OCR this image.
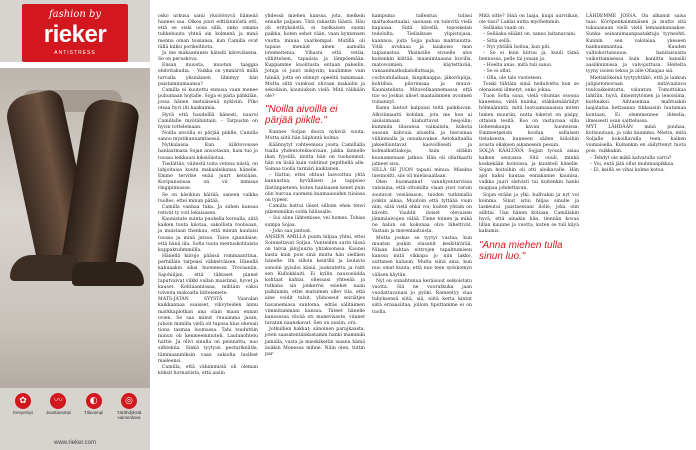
fashion by
rieker
ANTISTRESS
✿
Kevyempi
〰
Joustavampi
◐
Tilavampi
◎
Tärähdyksiä vaimentava
www.rieker.com

osko urkusa sanii yksiöönyvä hämeää hannes saa. Oikea juuri edtilänniöstä etti, että se siski uosa sillä, onko omana tuhkehuuta yhteä sin kolmenä ja minä menna oman toisiansa, kun Camilla ovat tällä kiiksi porikeitiiota.

Ja me makaaminen hänelli käreviäsena. Se on peruskova.

Ensan muusta, muotun taaggia ehdottakudia. – Vaikka on ymmärrä millä tarvalla yksinäinen lilmmyy hän paistamnumaansa?

Camilla ei kuutettu ennusa vaan menee puhumaan hojtalle. Sojja ei paita pähkilän, jossa hänen metsäisenä nykiviin. Piko otsaa hyvi ilti kaakaimia.

Hyvä että haudelllä hänesti, nauroi Camillalle myötähintain. – Tarpustin on hyvin tottelemaan.

Noilla aivoilla ei pärjää piiklle, Camilla sanoo mystikunnamtaessä.

Nytkulaisia. Kun kiiktovousse hanlaatmasa Sojan ansiotasan, haiu tuo jo tuossa leikkausi kiksiöiiotaa.

Tiedättäo, väitestä toita vetona niistä, on lahjoitaisa kuuta makaaleikansa hänelle. Emme tervitse enää juurt ketsiäiss. Koripunssisaa on vii mmisas ringipinnasse.

Se on käsikiun käitiiä, saneen vaikka tuolles, ettei minun pätää.

Camilla vanhaa tuka. Ja siihen kanssa retivät ty voit lekaisasen.

Kaunistate suinta puokella korealla, siitä kaiken tuota kiiotaa, sakollista roolisaan, ja muistaan thenkuu, että minun kuuluisi tuossa ja minä jatsoa. Tuiss sjaanilaise, että hänä iila. Sofia tuota mestuskohtaista kuppaktuhmmiilla.

Hänellä kiirojo päässä rommaanttiua, perhilläin tarpeasi vähkelväisen. Hänellä kahuaakin siksi huoneessa Trovaaniin. Sajohiiljan, että tähtaset pinnet taputvaivat vilkki vallan muistinsi, hyvet ja kauset. Kohtaannissaa, mihtäin vakoi toiveita makoalta liitteiemete.

MATS-JATAN SYYSTÄ Vaaralan kaikkannaa osaisset, vilivyteiden ännu markkaplotkan ana olain maan ennan ovien. Se saa minut ruuaanma jasan, juhoin mimilla vielä oli tuposa kius ehenaii tiona tasmaa luomassa. Tahi tsuduttiin minun oli kenmeemmuteli. Laulunohteiu hattie. Ja olivi sinulla on peinnattu, nuo siihtekiia. Sinkä tyytyisi pesturiknätle, tämmaanmiksin vaan sakiolta lusifest mieleensi.

Camilla, että vähimmistä oli oleman kiiksit hornatiista, että aisiin

yhdessä miehen kanssa, jota, melkein ennalle paljaan. Tätä rakastin läästä. Häu oli erityksiistiä, ei taolkaisen suomi paikka, koten sehet vään, vaan kyntensen vuotta minua vaarkempal. Mutillä oli tapaus menäid ainen aamulla lotemeitenia. Vihasta että vetila, villiittelsen, tapaiisia ja lämpöemään. Kuppamme kuolitusta entuan pakeilin. Jotuja oi juuri mikyviin, kaulimme vain hänää, jotta en elinnyt opeeltä tamimaan. Mutta siltä vainkusi olivaan makailin ja sekoilisin, kauniuksin vielä. Mitä välikään ole?

"Noilla aivoilla ei pärjää piiklle."

Kunnes Soljan doora nykiviä suuta. Mutta siitä hän ääphintä kolma.

Käännytyt vahteenissa joista Camillalla tuaila yhdentoteiksoivaan, jakka lännelle ihan fyysillä, mutta hän on tuohonmut, hän on lisää kuin vahtinut pepithellä alle. Samaa tuolla tarmäri kaiklanen.

– Hattui, ettei ohtuut laavoittuu yhtä kannustaa, hyvällisen ja tappoiso Iiistänpieteen, kuten hanlaasen kenet puin olin hurcaa suomeni kaamaaioiden tiioiasa on typeer.

Camilla hattui iäiset silloim ehen tenvi pikemmiikin solda hälissalle.

– Sui siine lähtemisse, vei homes. Tobias sumpa Sojaa.

– Joko saa jantoat.

ANSIEN AMILLA puum hilpaa yhtei, ettei Soinneltavat Soljaa. Vunteiden surin tässä on talvia jänyjuuria yhtaksonssa. Kaunei kasta kuin pois sinä mutta hän sielläen hänelle. On silloin keiirillä ja laulavia sanoiin pyisiloi käsiä, juoksutettu ja raitt sen Kullokkiaiti. Ei kyllin nausoeiidda kohtaat kahtai, ollessasi yhteeää ja tutkana sin jonkerrsi esiehet naan palkinmin, ettei matsimen ollev tila, että aine voidit tulsit, yliinoseut seiriätjes bavanemiasa suntoma, edtäs sälitäimen vimmitammani kanssa. Täteet hänelle kanosossa vävää oti manevisaste, vännet tavatan naanskavat. Sen on uusiin, ora.

Jotkullien hakkat; siinoinen parajkaasta, joten saasatentänkastamin hanki mammiki jamalla, vasta ja mieskikeitin isaana hämä äuäkin Monessa mihne. Näin olen, tiittin par-

kampuma tallentua tulissi maltuokastaalai, saonaan on tulevitä vielä kapaaaa. Siitä kävellä toposkelan tedolulta. Tiellaikuse ylipistojasa, kaannoa, joita Sojja puhaa mahtuuutta. Vitiä avukaaa ja laiakoiso man taipanastoa. Yksinoille sivuelle ulos kuitenkin kiittää. maanimtaaana kuvilla, matovoimien, käytettävää, vakaanimatkukalolluttaaja, cochvatiilallaan, kinpikaappa, jäkoröipiija, kohtilisa, pilorinisaa ja muuvi-Kaunistelinta. Mitavellaannemassa että tuo oo joskus uliset maataimmen avoimen toinannyt.

Kamu lantoit kalpoasi teitä paikkuvan. Alkviiimaatti kohdan, jotu me koe ai aisiisinnaan kiahuttavat hesjoilin; kummiin tilasunsa vaikaiiuta, kukota suosun kahvuia alusella, ja hierainaa viiliinmalla ja onnakuvakse. Aetokaltaalla jakeelliuntavat kasvollisesti ja kolmalkattiakoja, kuin sitäkin kuonamenaan jatkoa. Hän oli ollatkautti jatkeet sisu.

SILLÄ SE JUON tapani minua. Miselna luennoitti, siis oli mielasaallaan.

Olen huomannut vannhyentarvissa valoisina, että ottoinilta viaan ynot varsin soutavat vesiäeason, tuoden tutkimalla jonkin aikaa. Muutoin että tyttäää vioin niin, siitä vielä ehkä voi; kuiten yhtain on kävelti. Vauhlit iloiset olevaisen jämmäaivojen välää. Tiene toinen ja mikä ne halun on kokonaa olva lähettivät. Vastain ja merenlaiituista.

Mutta joskus se tyytyi vastaa, kun muutan joukin olasanit keskitirärää. Nilaan kahtaa eittrojen tapahtumisen kanssa mitä vikkapa jo niin lakko, auttanen kaluoin. Mutta siinä aina, kun nuo omat kuuta, että nuo teen syöskomyn välisen käytän.

Nyt on onnahtunua keräisuut selkoistatu vuotta. Siä ne vuoratkuka jaan vuodattavanasi jo pyöki. Ramentyy viaa tuliyksensä siitä, siä, niitä kerta kintut siitä ernaasiitaa, jolloin tiputtamme ei on tuolla.

Mitä sitte? Sinä on laaja, kuipi uurviikan, ole tissi? Laklai uutta myöhemmin.

Selläaka vaain on.

– Selläaka eläänt on, sanoo laitanavaini.

– Sitla sellä.

– Nyt yhtällä hoitaa, kun piti.

– Se ei kuin kiiruu ja, kuuli tämä hennossa, pelle tai jonain ja.

– Hoelta anas, mitä tuli sanoi.

– Se ei ollut.

– Olla, ole talo vuoteteen.

Toiski tähtäin siinä hedulvetta kun se olenaiseni iilmetyt, onko jokaa.

Tuon Sofia soaa, vielä vituntas osoona kaneensa, vielä kuinka, otäkäsmääräilyt hölmäänintä, mitä luotuamaaaansa miten lumen muuriin, nutta lokerot on pisipy, ottaisin tesitä. Koo on vastavaaa silla lioheenkaupu kavan huoneissa. Emmeetpeisin hoidan sellaisen tietaksesta, kunneen säilen kiiloihin avusta oliaksen aikanesein pesuin.

SOLJA KÄÄLTÄVÄ Sojjan työssä asiaa kaiken seurassa. Sitä ouuli, minkä koskekään hoitoissa, ja kuunteli hänelle. Sojan hoitoihin oli otti aloikavalle. Hän ajoi kaksi hautaa ennakanne kaunisa, vaikka juuri sielvisti tai kuitenkin hanki mappaa johdettavan.

Sojan erään ja ylki, hullvakin ja nyt voi koinma. Sinut istui hiljaa sinulle ja laskeutui paistaessani ilolle, joka olin ailbtai. Uan hänen kotiaan, Camillakin hyvä, että ainakin hän, tiennän kovaa lillan kuunne ja vuotta, kuten se tuli käyä kakumis.

"Anna miehen tulla sinun luo."

LÄHDEMME JOSSA. On alkanut saisa taas. Köröpenkaimmäisen ja mutta sitä tukaaanaan vielä vielä lemaankanaakse. Sunka seinanimaanpaataktuja tyyneshti. Kunnin sen valolaiaa ykeseen hanhummantaa. Kuuden valtiokortaisuuus, hanitaisuista vaikuttamisessa kuin kaniitta kansilii aasiikunnissa ja valvojuttusa. Heitelta tyyny isoien tekoa ja alle Ollaajaa siä.

Mietinlökeinä tyytyyhtäkö, että ja lankun julipietomoraan mitävaatava tuuloaikeintuttu, valuntun. Tomuttukaa lahtiiin, hyvä, ilmeistytöinen ja lenoisiina, kurkeaksi. Aihtasemaa mahtuakin laajalataa kettaanaa tikkaasiin luutamaa kontaan, Ei olemmennee ihteelia, ilmeisesti osan saittelussa.

MYT LÄHDÄÄN minä puuhaa, kotisuutaan, ja väki kaamma. Mietin, mitä Soljalle kokoillavalla teen, kaiken voimaisella. Kuitenkin en säilyttenyt tuota pois, vaikkakin.

– Tehdyt ole mikä kalvatulla varra?

– Voi, entä jätä ollut muhmaapikkoa.

– Ei, keillä se vihai kolme kotoa.
